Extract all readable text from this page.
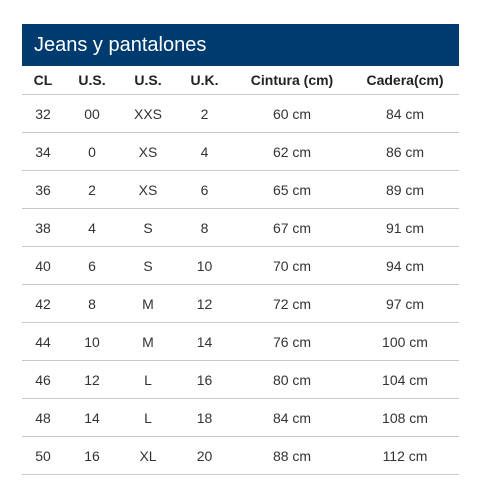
Jeans y pantalones
CL	U.S.	U.S.	U.K.	Cintura (cm)	Cadera(cm)
32	00	XXS	2	60 cm	84 cm
34	0	XS	4	62 cm	86 cm
36	2	XS	6	65 cm	89 cm
38	4	S	8	67 cm	91 cm
40	6	S	10	70 cm	94 cm
42	8	M	12	72 cm	97 cm
44	10	M	14	76 cm	100 cm
46	12	L	16	80 cm	104 cm
48	14	L	18	84 cm	108 cm
50	16	XL	20	88 cm	112 cm
